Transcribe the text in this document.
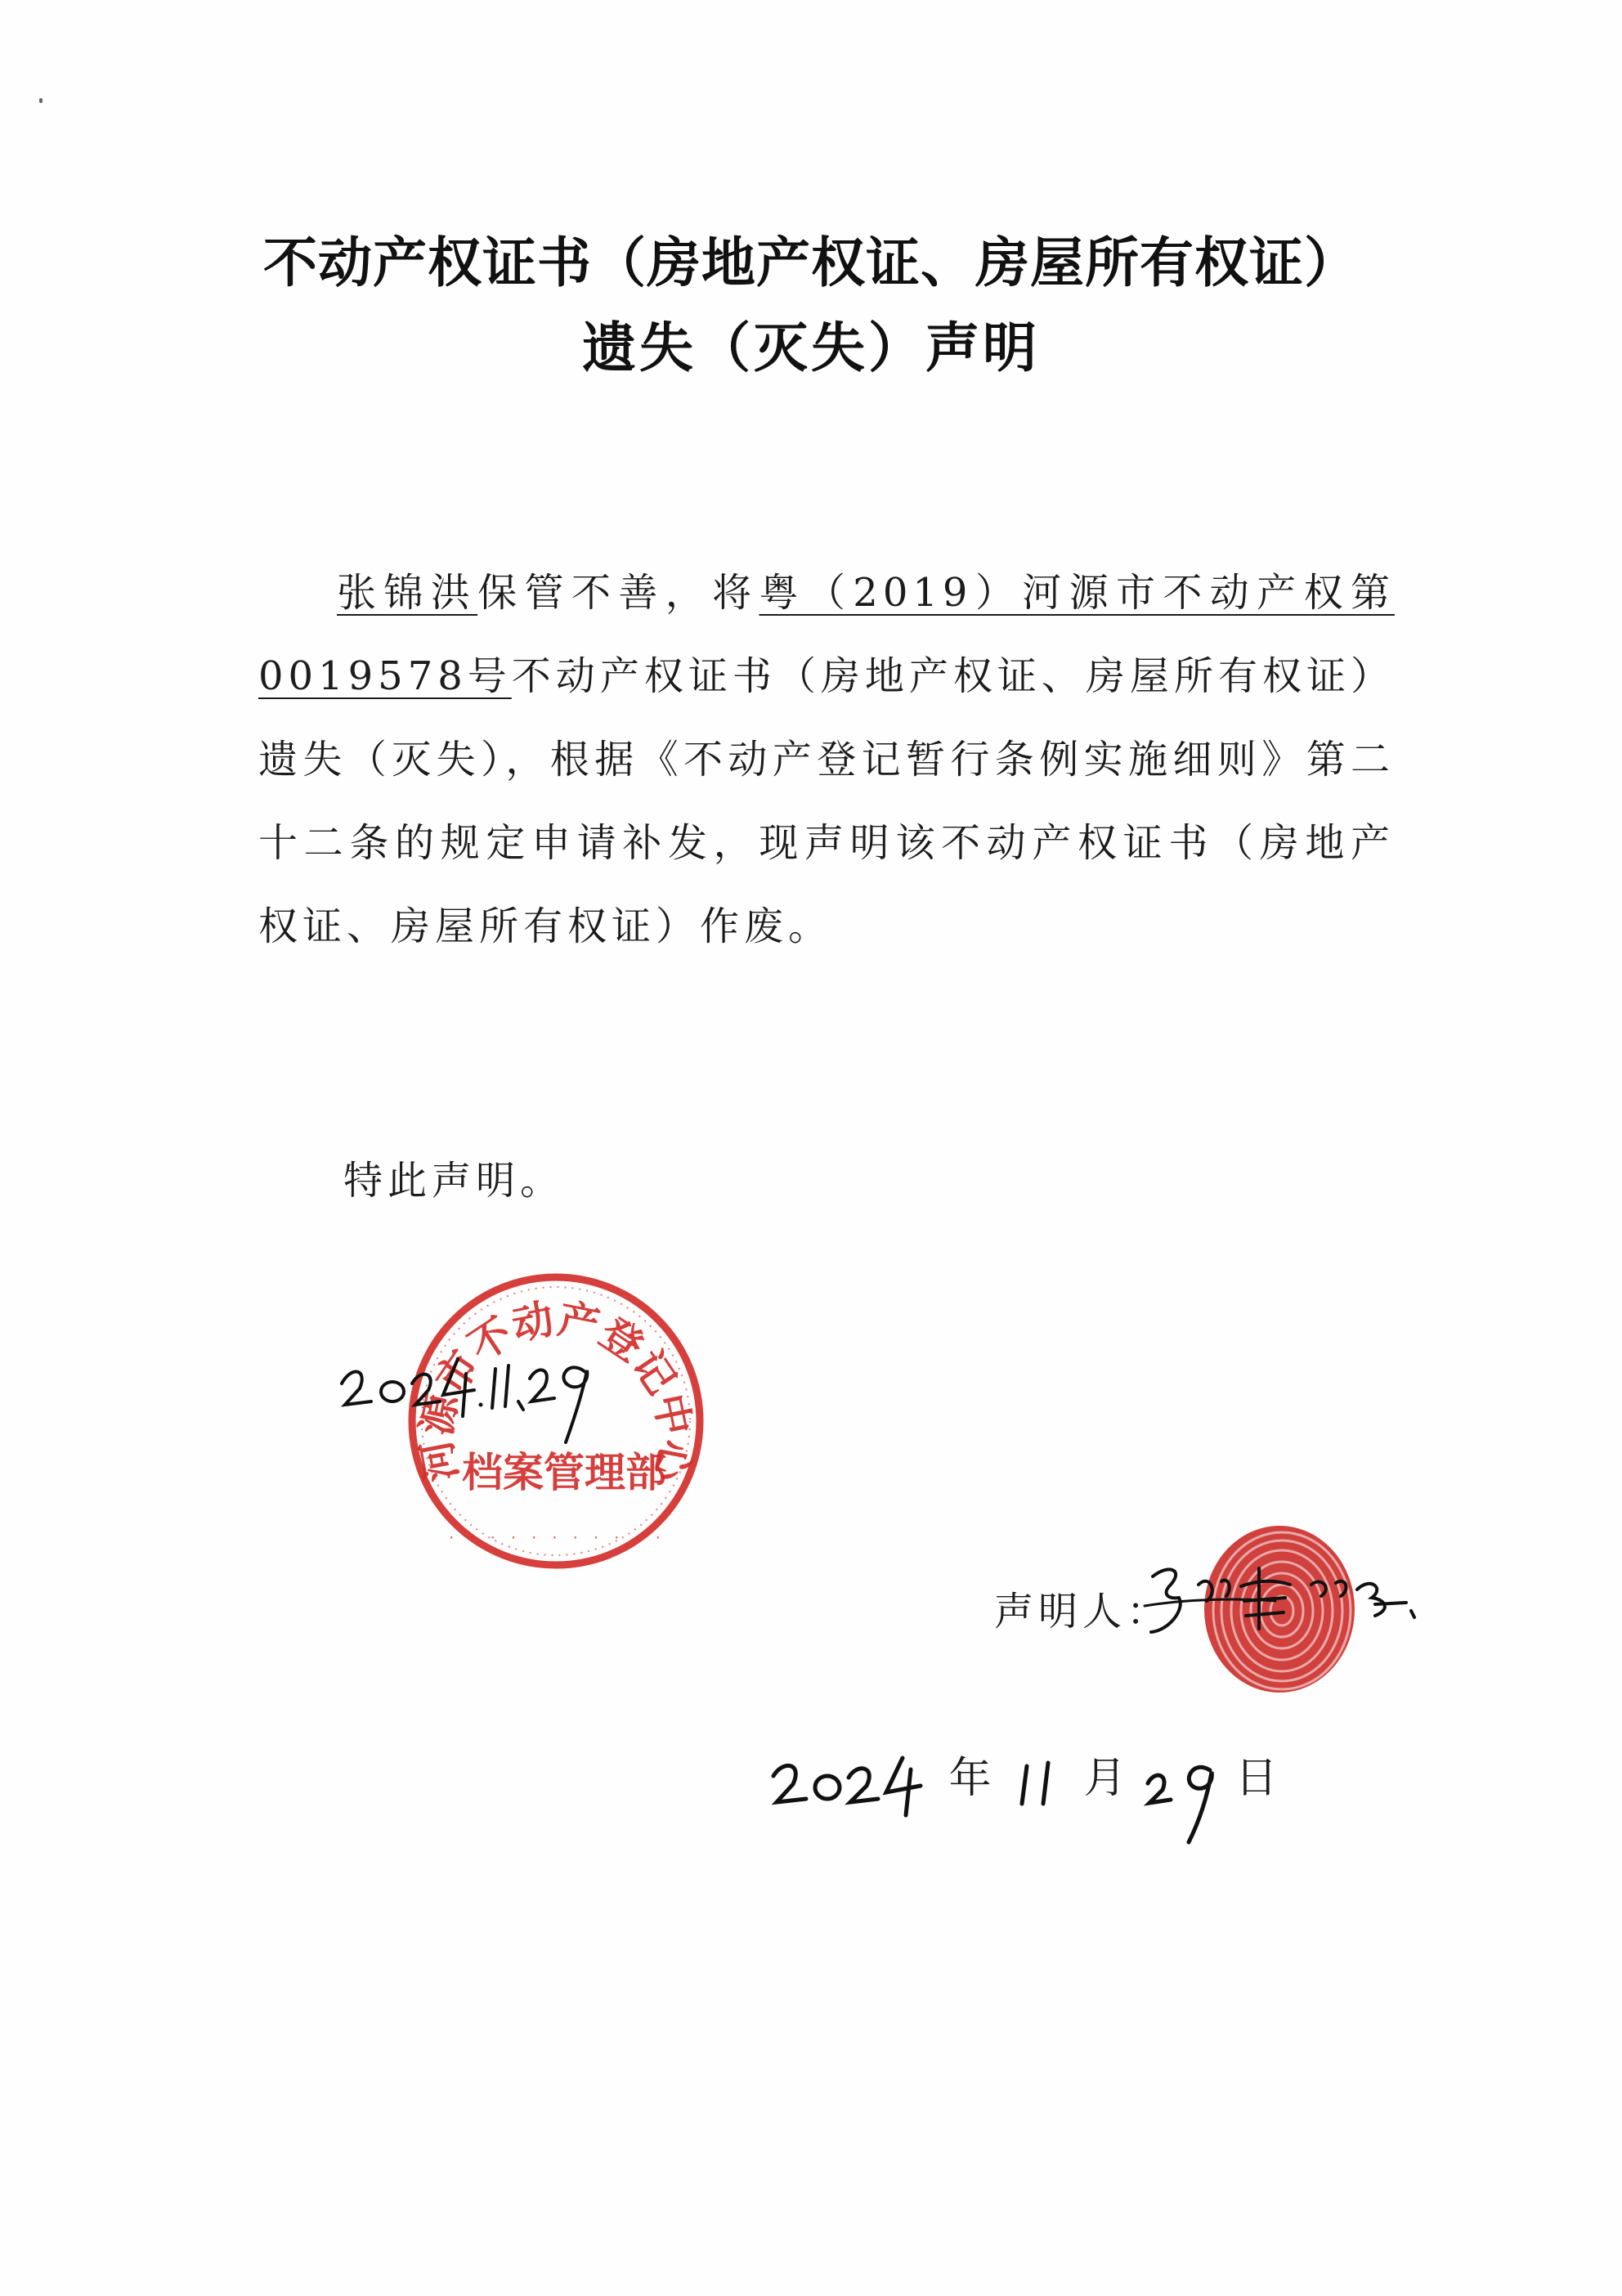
不动产权证书（房地产权证、房屋所有权证）
遗失（灭失）声明

张锦洪保管不善，将粤（2019）河源市不动产权第0019578号不动产权证书（房地产权证、房屋所有权证）遗失（灭失），根据《不动产登记暂行条例实施细则》第二十二条的规定申请补发，现声明该不动产权证书（房地产权证、房屋所有权证）作废。

特此声明。
河源市不动产登记中心
档案管理部
· · · · · · · · · · ·
声明人：
年 月	日
